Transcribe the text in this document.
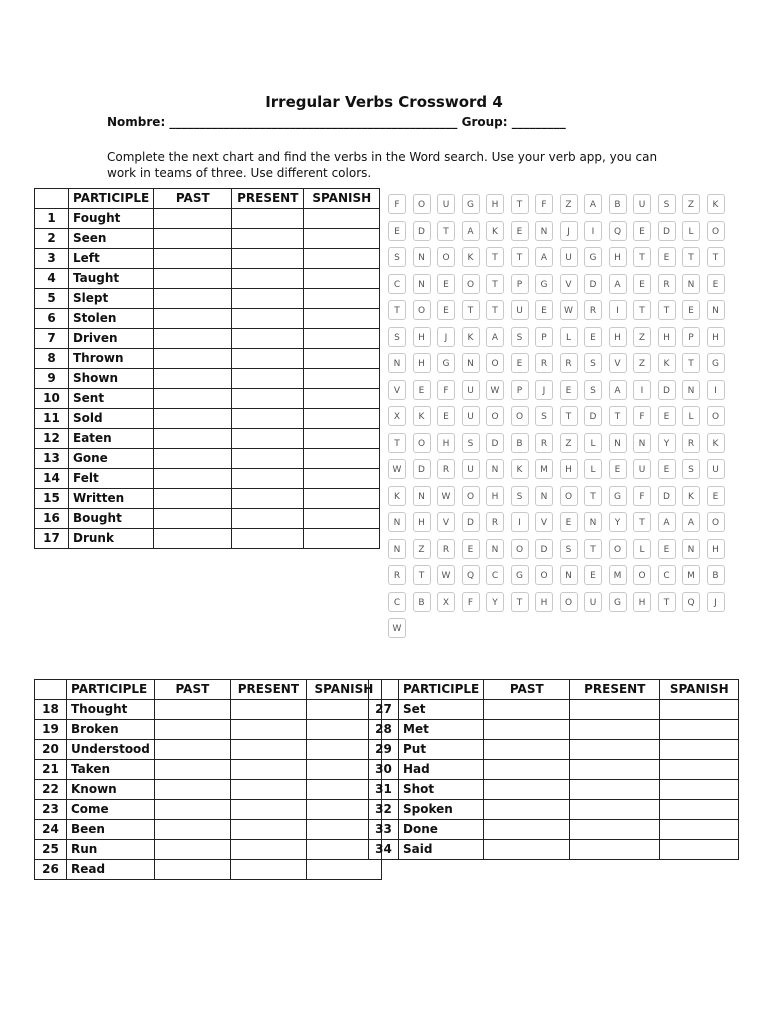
Irregular Verbs Crossword 4
Nombre: ________________________________________________ Group: _________
Complete the next chart and find the verbs in the Word search. Use your verb app, you can work in teams of three. Use different colors.
	PARTICIPLE	PAST	PRESENT	SPANISH
1	Fought			
2	Seen			
3	Left			
4	Taught			
5	Slept			
6	Stolen			
7	Driven			
8	Thrown			
9	Shown			
10	Sent			
11	Sold			
12	Eaten			
13	Gone			
14	Felt			
15	Written			
16	Bought			
17	Drunk			
F	O	U	G	H	T	F	Z	A	B	U	S	Z	K
E	D	T	A	K	E	N	J	I	Q	E	D	L	O
S	N	O	K	T	T	A	U	G	H	T	E	T	T
C	N	E	O	T	P	G	V	D	A	E	R	N	E
T	O	E	T	T	U	E	W	R	I	T	T	E	N
S	H	J	K	A	S	P	L	E	H	Z	H	P	H
N	H	G	N	O	E	R	R	S	V	Z	K	T	G
V	E	F	U	W	P	J	E	S	A	I	D	N	I
X	K	E	U	O	O	S	T	D	T	F	E	L	O
T	O	H	S	D	B	R	Z	L	N	N	Y	R	K
W	D	R	U	N	K	M	H	L	E	U	E	S	U
K	N	W	O	H	S	N	O	T	G	F	D	K	E
N	H	V	D	R	I	V	E	N	Y	T	A	A	O
N	Z	R	E	N	O	D	S	T	O	L	E	N	H
R	T	W	Q	C	G	O	N	E	M	O	C	M	B
C	B	X	F	Y	T	H	O	U	G	H	T	Q	J
W
	PARTICIPLE	PAST	PRESENT	SPANISH
18	Thought			
19	Broken			
20	Understood			
21	Taken			
22	Known			
23	Come			
24	Been			
25	Run			
26	Read			
	PARTICIPLE	PAST	PRESENT	SPANISH
27	Set			
28	Met			
29	Put			
30	Had			
31	Shot			
32	Spoken			
33	Done			
34	Said			
